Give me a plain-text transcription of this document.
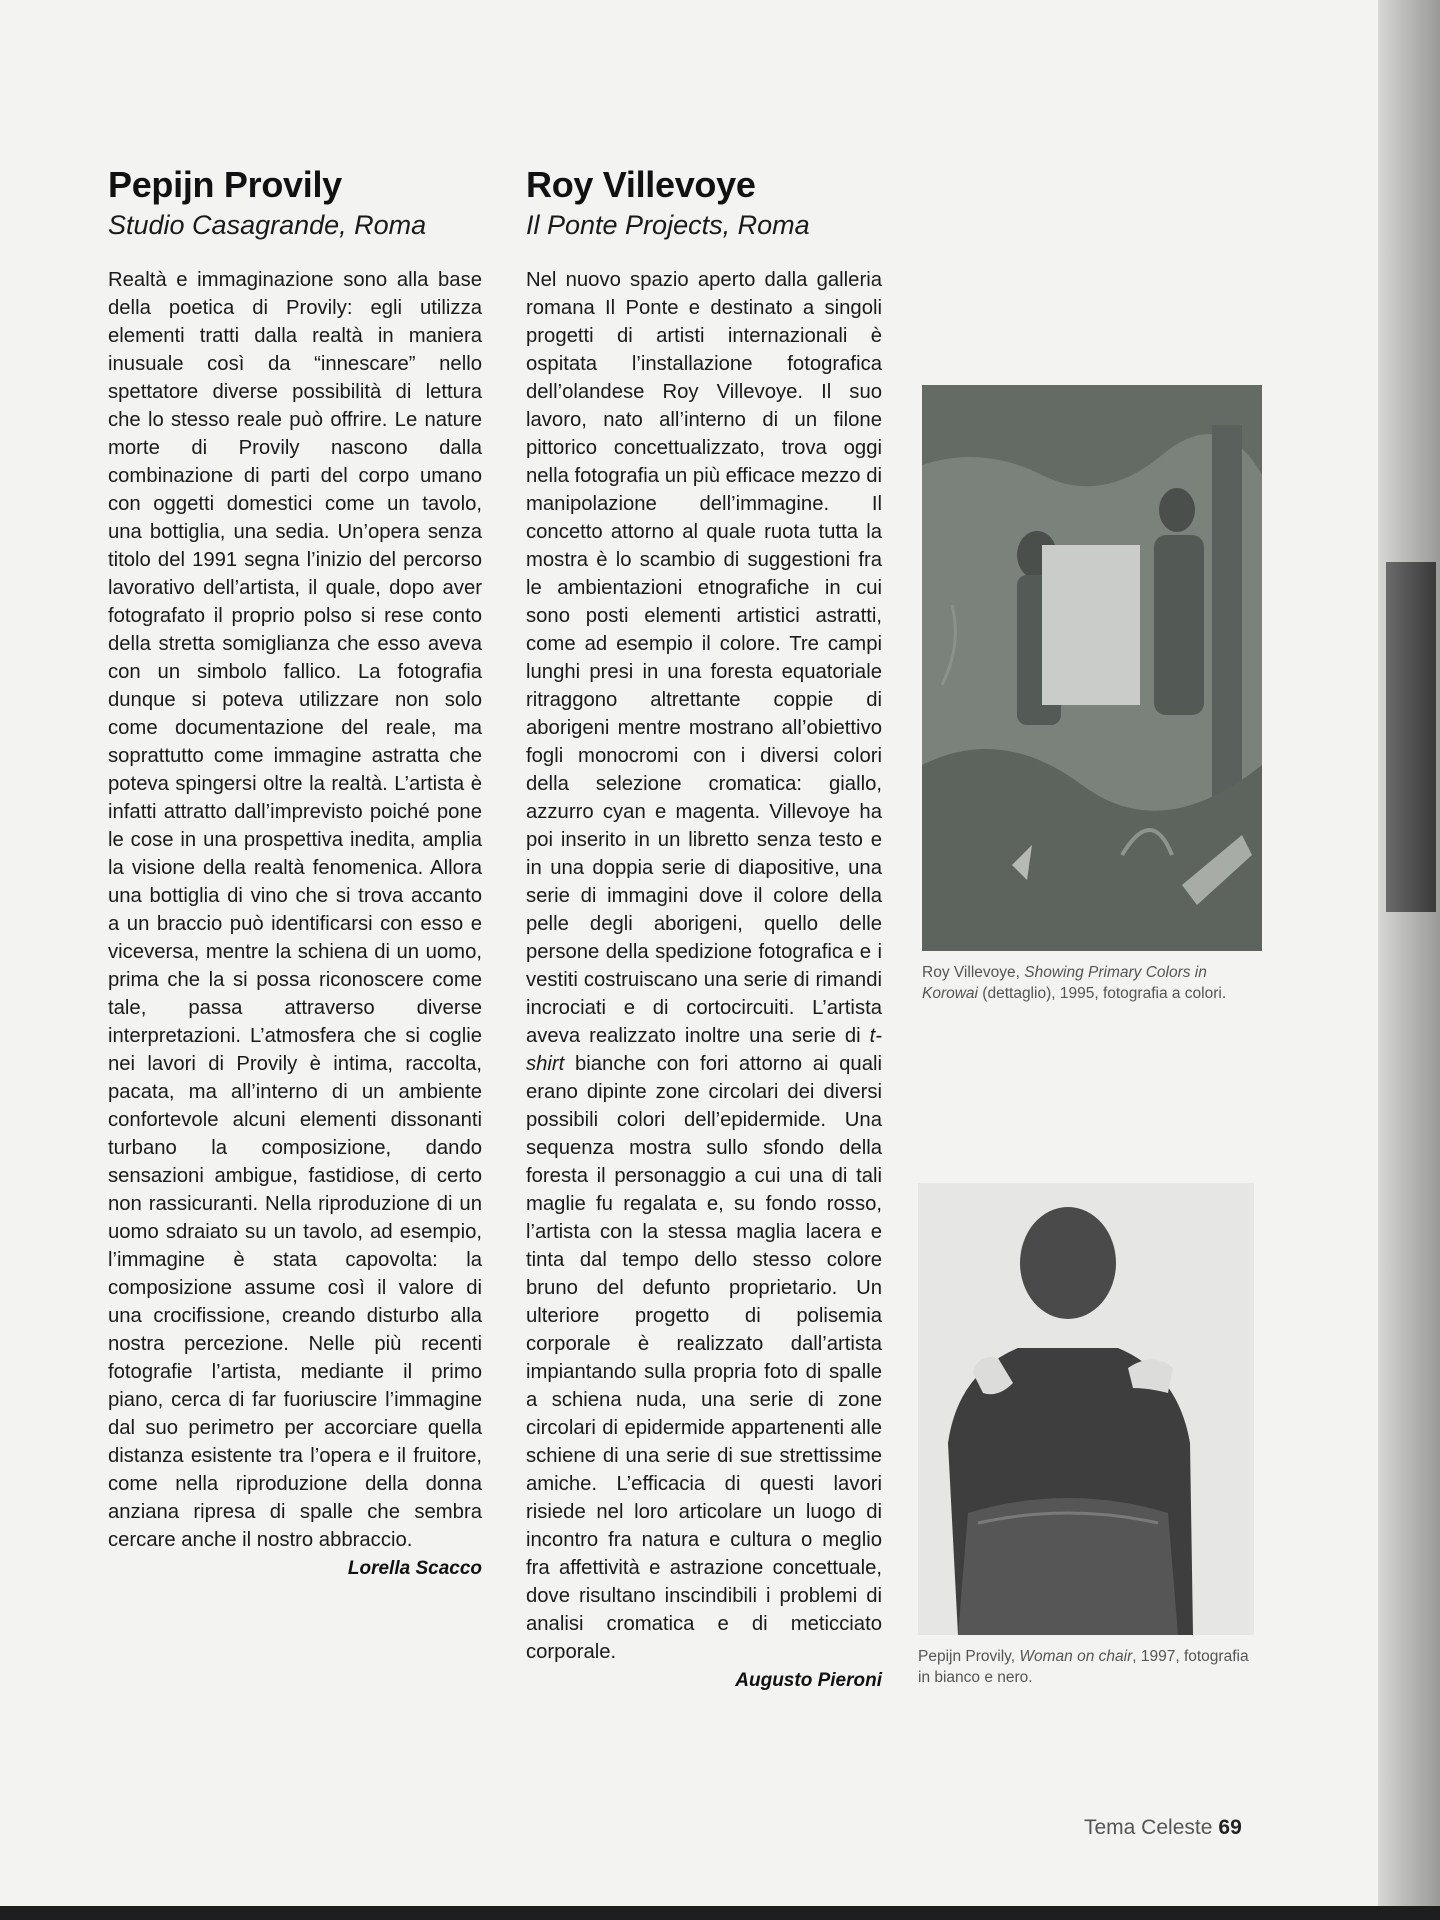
Pepijn Provily
Studio Casagrande, Roma

Realtà e immaginazione sono alla base della poetica di Provily: egli utilizza elementi tratti dalla realtà in maniera inusuale così da “innescare” nello spettatore diverse possibilità di lettura che lo stesso reale può offrire. Le nature morte di Provily nascono dalla combinazione di parti del corpo umano con oggetti domestici come un tavolo, una bottiglia, una sedia. Un’opera senza titolo del 1991 segna l’inizio del percorso lavorativo dell’artista, il quale, dopo aver fotografato il proprio polso si rese conto della stretta somiglianza che esso aveva con un simbolo fallico. La fotografia dunque si poteva utilizzare non solo come documentazione del reale, ma soprattutto come immagine astratta che poteva spingersi oltre la realtà. L’artista è infatti attratto dall’imprevisto poiché pone le cose in una prospettiva inedita, amplia la visione della realtà fenomenica. Allora una bottiglia di vino che si trova accanto a un braccio può identificarsi con esso e viceversa, mentre la schiena di un uomo, prima che la si possa riconoscere come tale, passa attraverso diverse interpretazioni. L’atmosfera che si coglie nei lavori di Provily è intima, raccolta, pacata, ma all’interno di un ambiente confortevole alcuni elementi dissonanti turbano la composizione, dando sensazioni ambigue, fastidiose, di certo non rassicuranti. Nella riproduzione di un uomo sdraiato su un tavolo, ad esempio, l’immagine è stata capovolta: la composizione assume così il valore di una crocifissione, creando disturbo alla nostra percezione. Nelle più recenti fotografie l’artista, mediante il primo piano, cerca di far fuoriuscire l’immagine dal suo perimetro per accorciare quella distanza esistente tra l’opera e il fruitore, come nella riproduzione della donna anziana ripresa di spalle che sembra cercare anche il nostro abbraccio.

Lorella Scacco
Roy Villevoye
Il Ponte Projects, Roma

Nel nuovo spazio aperto dalla galleria romana Il Ponte e destinato a singoli progetti di artisti internazionali è ospitata l’installazione fotografica dell’olandese Roy Villevoye. Il suo lavoro, nato all’interno di un filone pittorico concettualizzato, trova oggi nella fotografia un più efficace mezzo di manipolazione dell’immagine. Il concetto attorno al quale ruota tutta la mostra è lo scambio di suggestioni fra le ambientazioni etnografiche in cui sono posti elementi artistici astratti, come ad esempio il colore. Tre campi lunghi presi in una foresta equatoriale ritraggono altrettante coppie di aborigeni mentre mostrano all’obiettivo fogli monocromi con i diversi colori della selezione cromatica: giallo, azzurro cyan e magenta. Villevoye ha poi inserito in un libretto senza testo e in una doppia serie di diapositive, una serie di immagini dove il colore della pelle degli aborigeni, quello delle persone della spedizione fotografica e i vestiti costruiscano una serie di rimandi incrociati e di cortocircuiti. L’artista aveva realizzato inoltre una serie di t-shirt bianche con fori attorno ai quali erano dipinte zone circolari dei diversi possibili colori dell’epidermide. Una sequenza mostra sullo sfondo della foresta il personaggio a cui una di tali maglie fu regalata e, su fondo rosso, l’artista con la stessa maglia lacera e tinta dal tempo dello stesso colore bruno del defunto proprietario. Un ulteriore progetto di polisemia corporale è realizzato dall’artista impiantando sulla propria foto di spalle a schiena nuda, una serie di zone circolari di epidermide appartenenti alle schiene di una serie di sue strettissime amiche. L’efficacia di questi lavori risiede nel loro articolare un luogo di incontro fra natura e cultura o meglio fra affettività e astrazione concettuale, dove risultano inscindibili i problemi di analisi cromatica e di meticciato corporale.

Augusto Pieroni
Roy Villevoye, Showing Primary Colors in Korowai (dettaglio), 1995, fotografia a colori.
Pepijn Provily, Woman on chair, 1997, fotografia in bianco e nero.
Tema Celeste 69
